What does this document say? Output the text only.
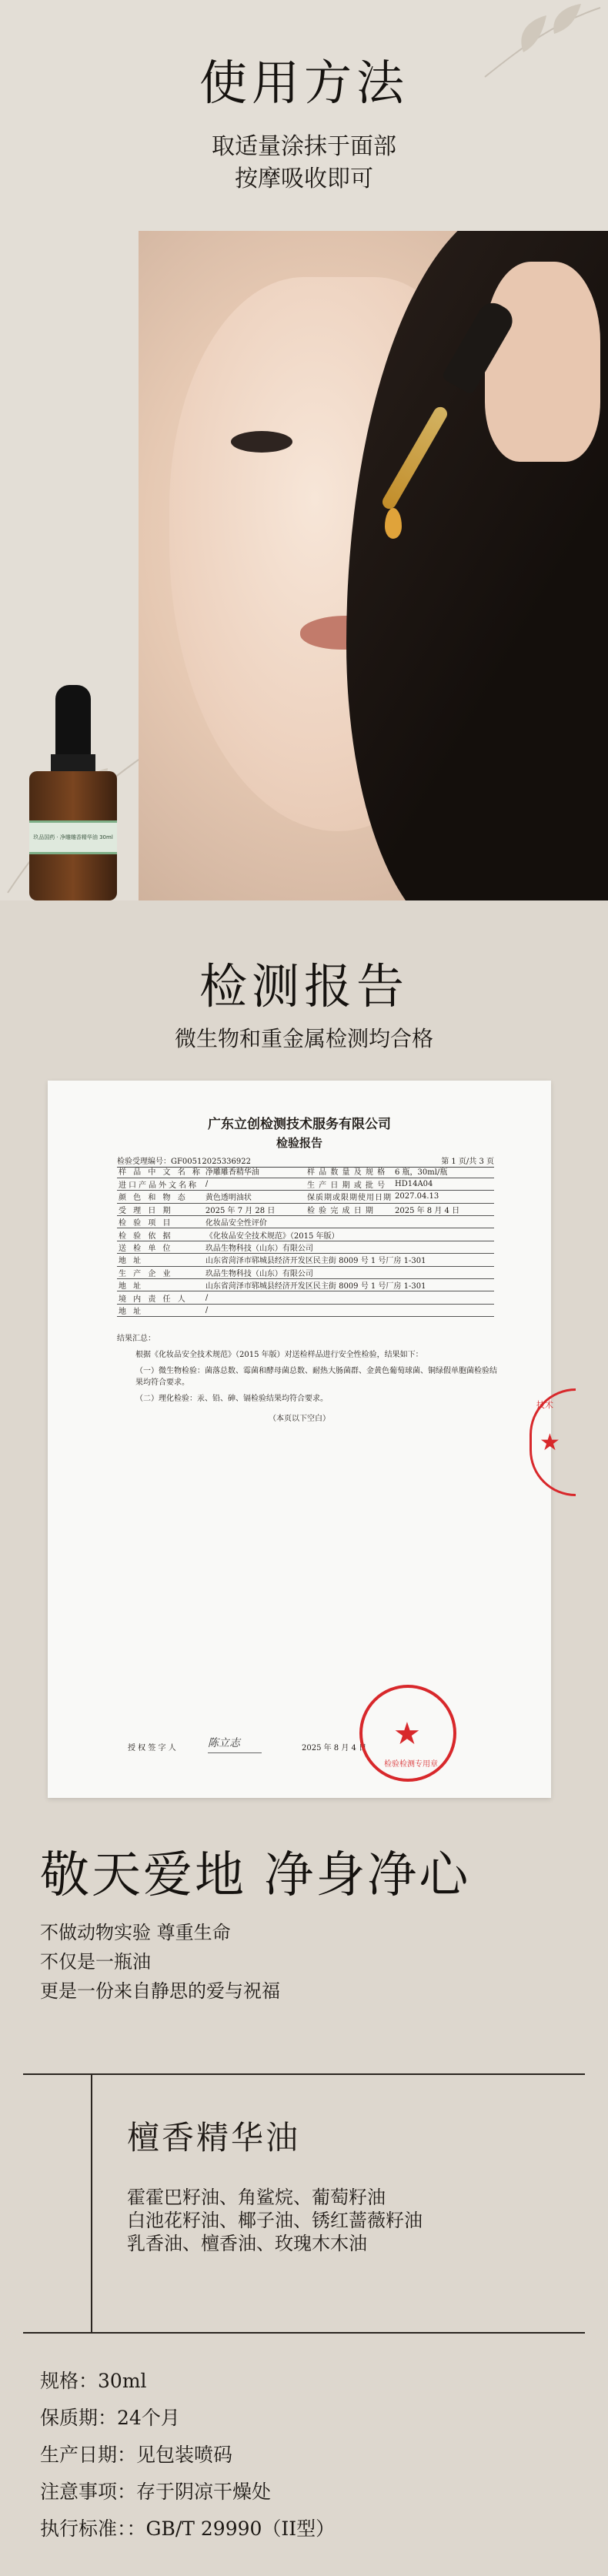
使用方法
取适量涂抹于面部
按摩吸收即可
玖品国药 · 净雕雕香精华油 30ml
检测报告
微生物和重金属检测均合格
广东立创检测技术服务有限公司
检验报告
检验受理编号：GF00512025336922	第 1 页/共 3 页
样 品 中 文 名 称	净雕雕香精华油	样 品 数 量 及 规 格	6 瓶，30ml/瓶
进口产品外文名称	/	生 产 日 期 或 批 号	HD14A04
颜 色 和 物 态	黄色透明油状	保质期或限期使用日期	2027.04.13
受 理 日 期	2025 年 7 月 28 日	检 验 完 成 日 期	2025 年 8 月 4 日
检 验 项 目	化妆品安全性评价		
检 验 依 据	《化妆品安全技术规范》（2015 年版）		
送 检 单 位	玖品生物科技（山东）有限公司		
地 址	山东省菏泽市郓城县经济开发区民主街 8009 号 1 号厂房 1-301		
生 产 企 业	玖品生物科技（山东）有限公司		
地 址	山东省菏泽市郓城县经济开发区民主街 8009 号 1 号厂房 1-301		
境 内 责 任 人	/		
地 址	/		

结果汇总：

根据《化妆品安全技术规范》（2015 年版）对送检样品进行安全性检验，结果如下：

（一）微生物检验：菌落总数、霉菌和酵母菌总数、耐热大肠菌群、金黄色葡萄球菌、铜绿假单胞菌检验结果均符合要求。

（二）理化检验：汞、铅、砷、镉检验结果均符合要求。

（本页以下空白）
技术
★
授 权 签 字 人	陈立志	2025 年 8 月 4 日 ★
检验检测专用章
敬天爱地 净身净心
不做动物实验 尊重生命
不仅是一瓶油
更是一份来自静思的爱与祝福
檀香精华油
霍霍巴籽油、角鲨烷、葡萄籽油
白池花籽油、椰子油、锈红蔷薇籽油
乳香油、檀香油、玫瑰木木油
规格：30ml
保质期：24个月
生产日期：见包装喷码
注意事项：存于阴凉干燥处
执行标准：：GB/T 29990（II型）
